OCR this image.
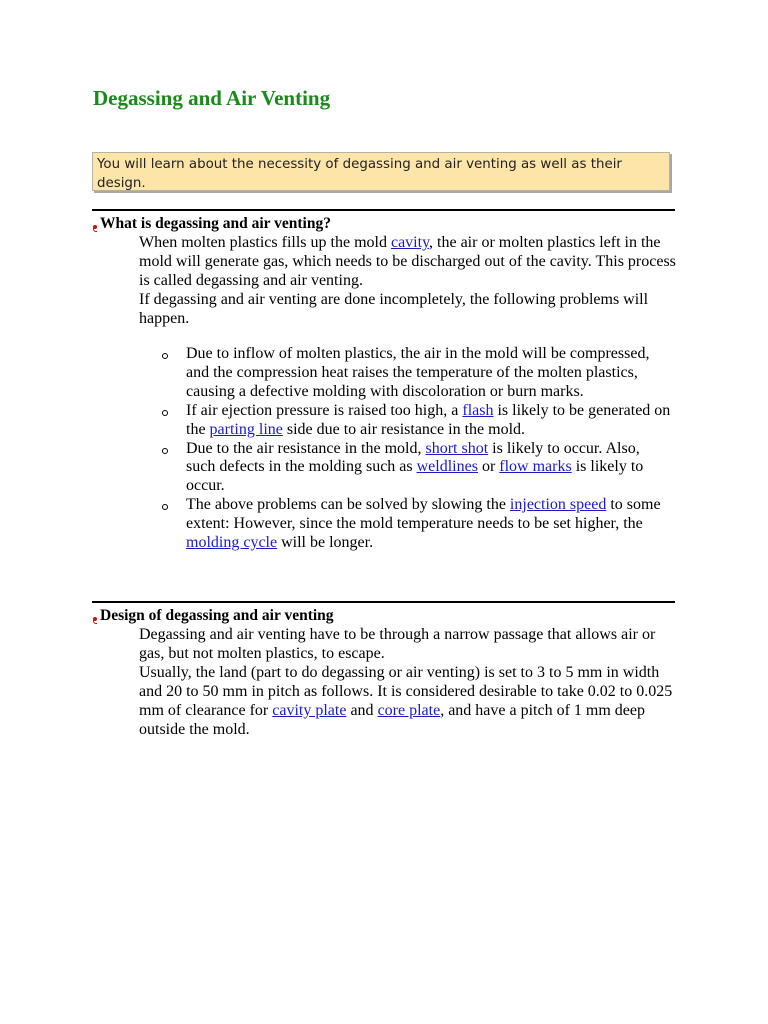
Degassing and Air Venting
You will learn about the necessity of degassing and air venting as well as their design.
What is degassing and air venting?

When molten plastics fills up the mold cavity, the air or molten plastics left in the mold will generate gas, which needs to be discharged out of the cavity. This process is called degassing and air venting.

If degassing and air venting are done incompletely, the following problems will happen.

Due to inflow of molten plastics, the air in the mold will be compressed, and the compression heat raises the temperature of the molten plastics, causing a defective molding with discoloration or burn marks.
If air ejection pressure is raised too high, a flash is likely to be generated on the parting line side due to air resistance in the mold.
Due to the air resistance in the mold, short shot is likely to occur. Also, such defects in the molding such as weldlines or flow marks is likely to occur.
The above problems can be solved by slowing the injection speed to some extent: However, since the mold temperature needs to be set higher, the molding cycle will be longer.
Design of degassing and air venting

Degassing and air venting have to be through a narrow passage that allows air or gas, but not molten plastics, to escape.

Usually, the land (part to do degassing or air venting) is set to 3 to 5 mm in width and 20 to 50 mm in pitch as follows. It is considered desirable to take 0.02 to 0.025 mm of clearance for cavity plate and core plate, and have a pitch of 1 mm deep outside the mold.
